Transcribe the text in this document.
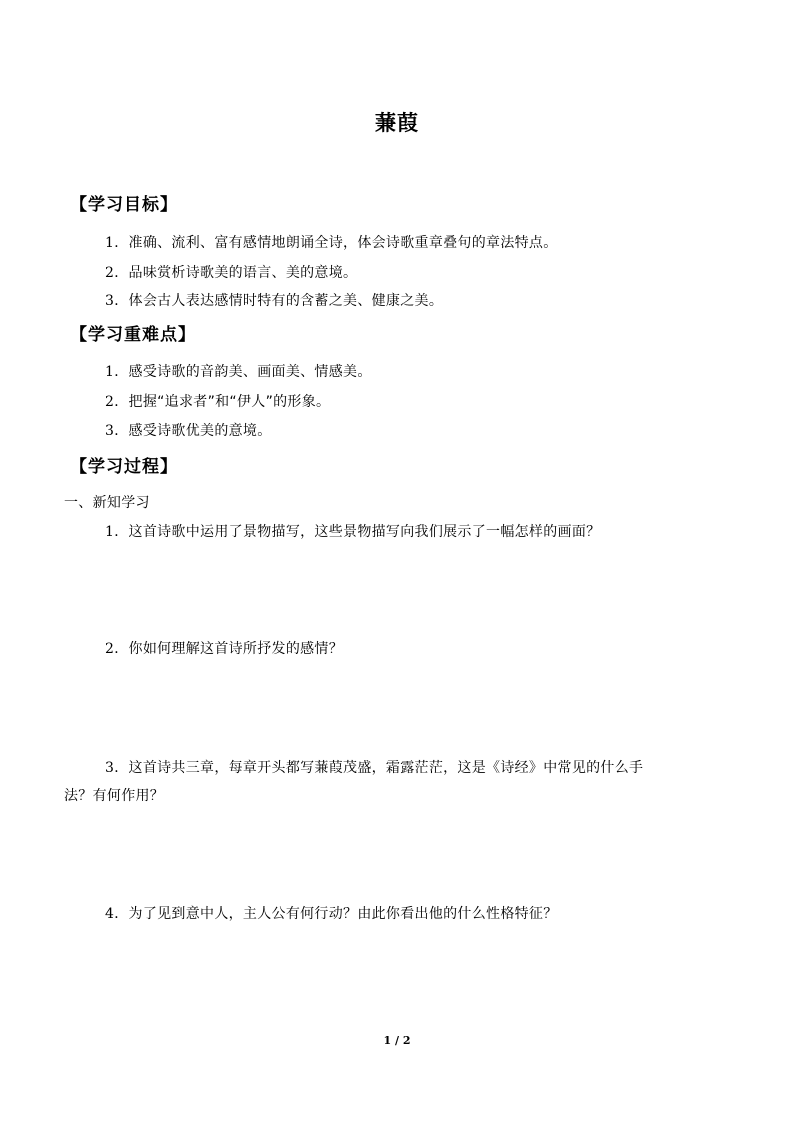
蒹葭
【学习目标】
1．准确、流利、富有感情地朗诵全诗，体会诗歌重章叠句的章法特点。
2．品味赏析诗歌美的语言、美的意境。
3．体会古人表达感情时特有的含蓄之美、健康之美。
【学习重难点】
1．感受诗歌的音韵美、画面美、情感美。
2．把握“追求者”和“伊人”的形象。
3．感受诗歌优美的意境。
【学习过程】
一、新知学习
1．这首诗歌中运用了景物描写，这些景物描写向我们展示了一幅怎样的画面？
2．你如何理解这首诗所抒发的感情？
3．这首诗共三章，每章开头都写蒹葭茂盛，霜露茫茫，这是《诗经》中常见的什么手
法？有何作用？
4．为了见到意中人，主人公有何行动？由此你看出他的什么性格特征？
1 / 2
